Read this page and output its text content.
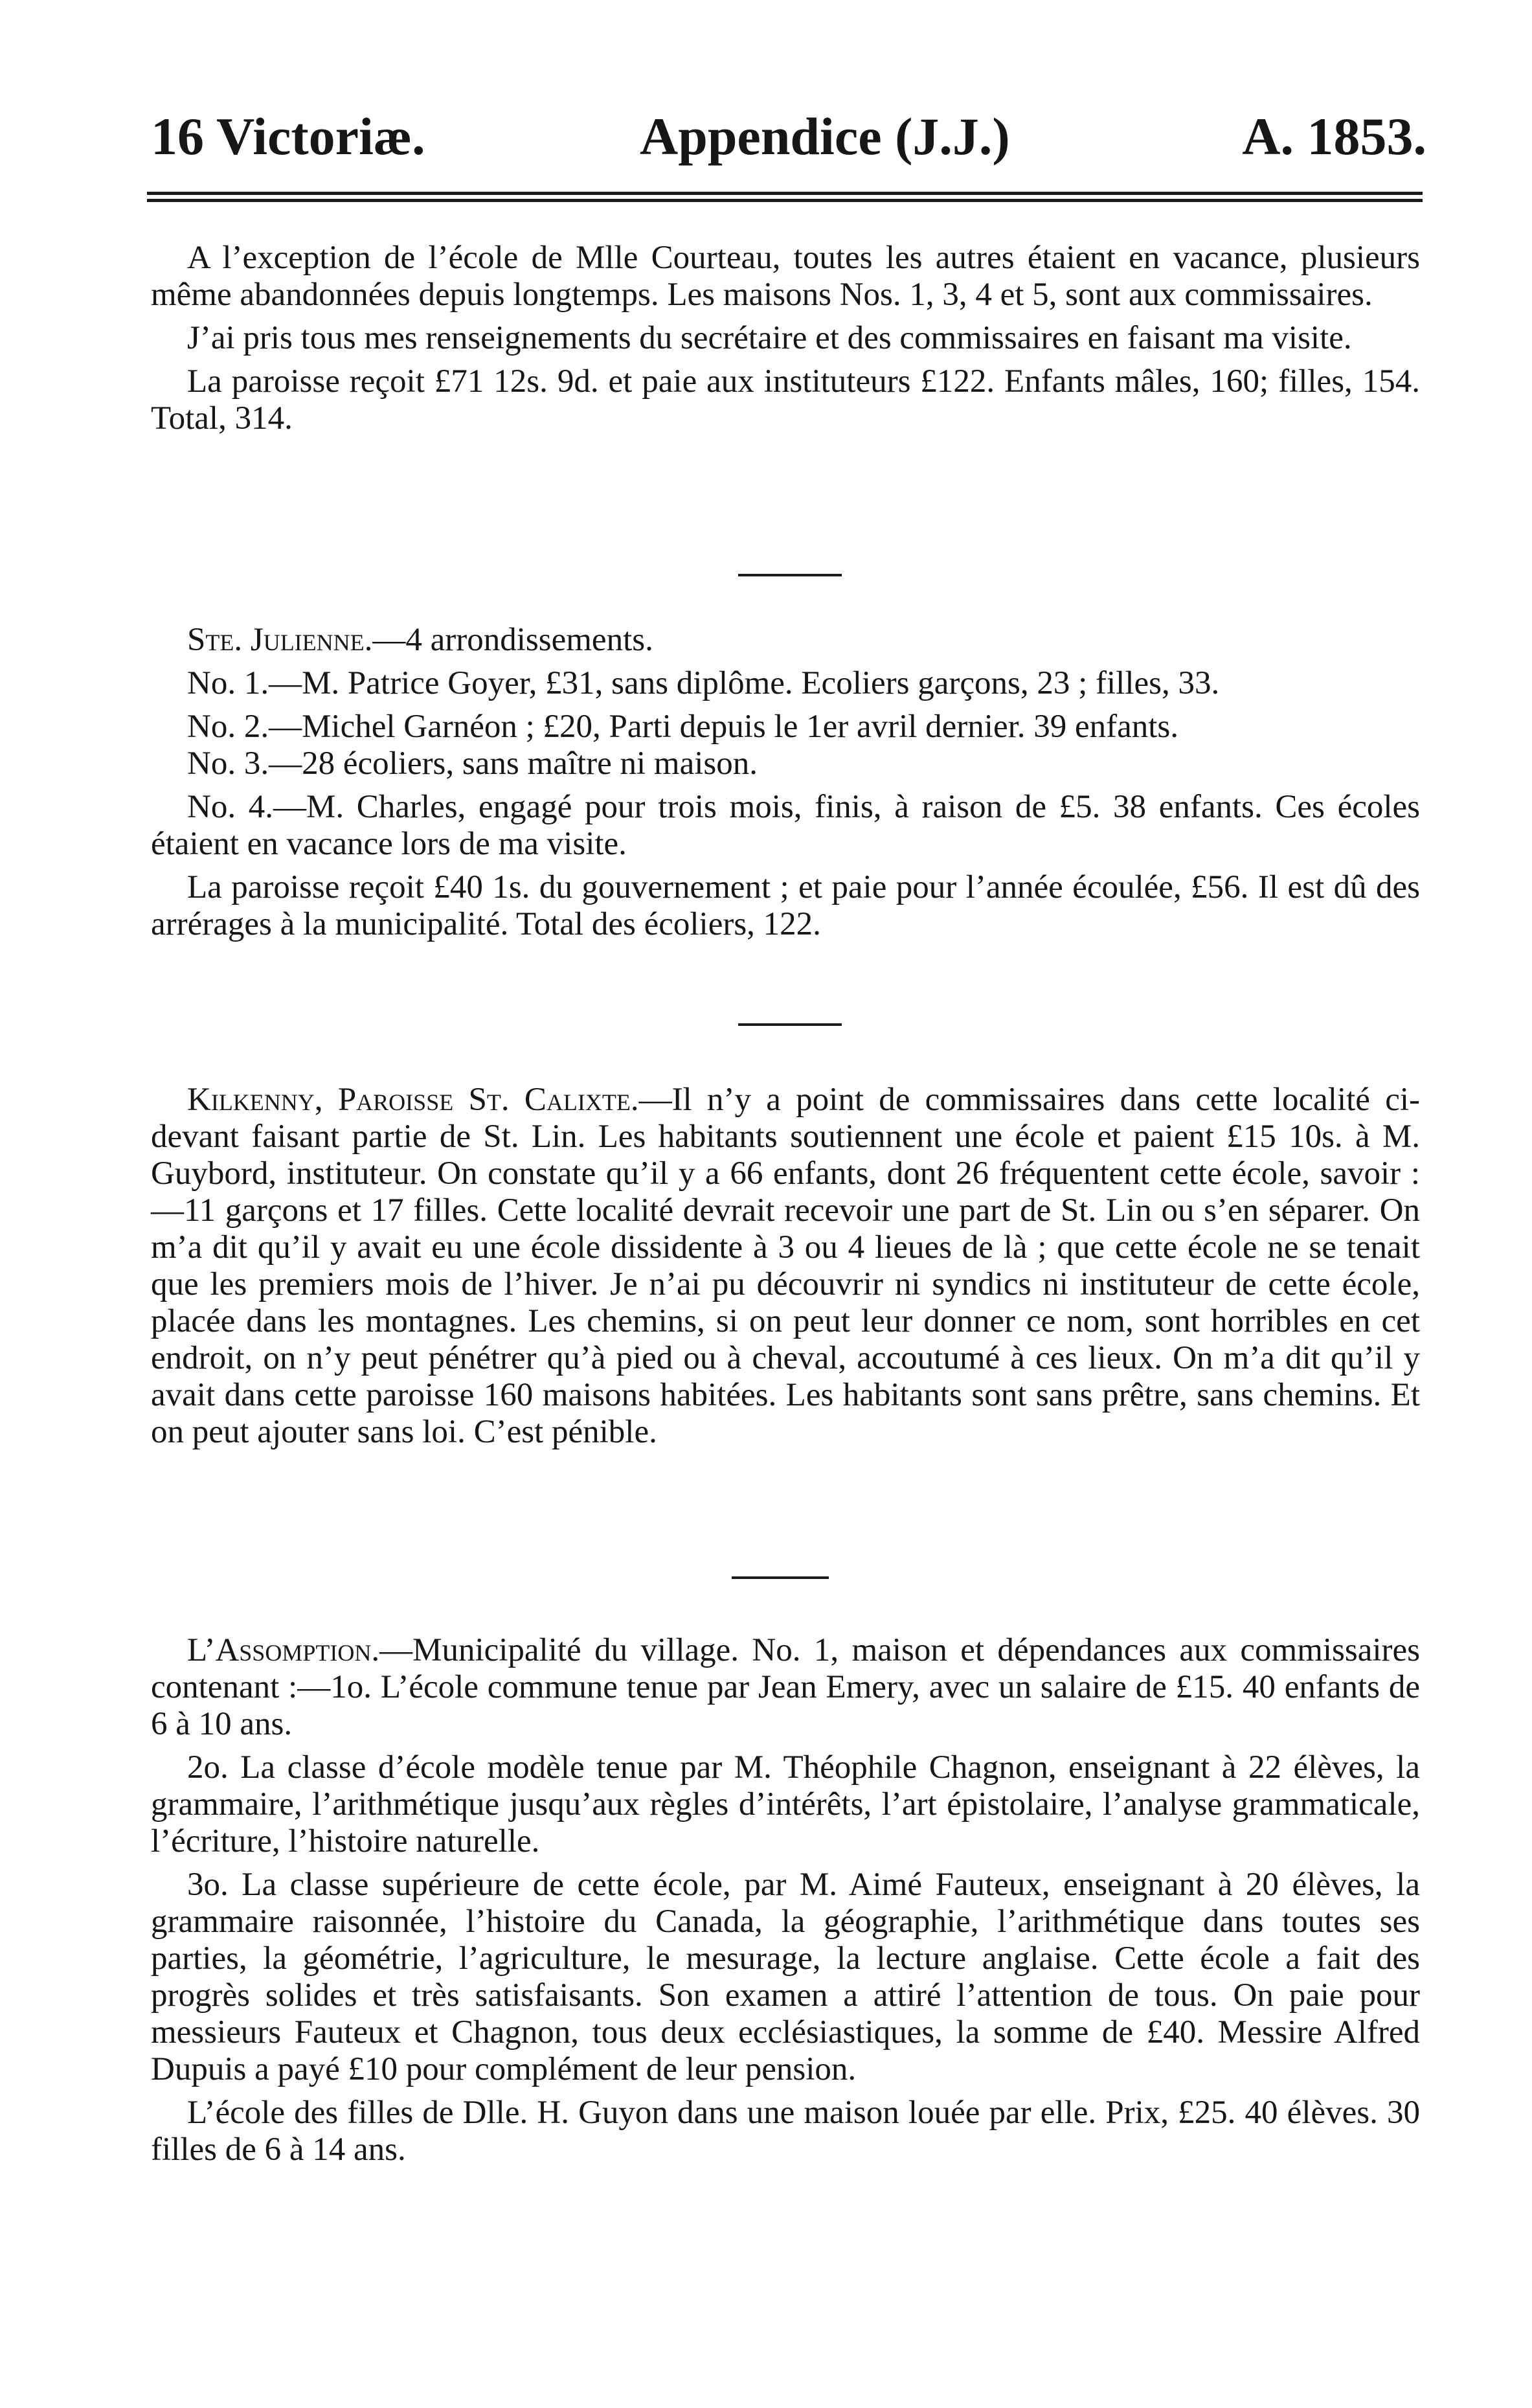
16 Victoriæ.	Appendice (J.J.)	A. 1853.

A l’exception de l’école de Mlle Courteau, toutes les autres étaient en vacance, plusieurs même abandonnées depuis longtemps. Les maisons Nos. 1, 3, 4 et 5, sont aux commissaires.

J’ai pris tous mes renseignements du secrétaire et des commissaires en faisant ma visite.

La paroisse reçoit £71 12s. 9d. et paie aux instituteurs £122. Enfants mâles, 160; filles, 154. Total, 314.

Ste. Julienne.—4 arrondissements.

No. 1.—M. Patrice Goyer, £31, sans diplôme. Ecoliers garçons, 23 ; filles, 33.

No. 2.—Michel Garnéon ; £20, Parti depuis le 1er avril dernier. 39 enfants.

No. 3.—28 écoliers, sans maître ni maison.

No. 4.—M. Charles, engagé pour trois mois, finis, à raison de £5. 38 enfants. Ces écoles étaient en vacance lors de ma visite.

La paroisse reçoit £40 1s. du gouvernement ; et paie pour l’année écoulée, £56. Il est dû des arrérages à la municipalité. Total des écoliers, 122.

Kilkenny, Paroisse St. Calixte.—Il n’y a point de commissaires dans cette localité ci-devant faisant partie de St. Lin. Les habitants soutiennent une école et paient £15 10s. à M. Guybord, instituteur. On constate qu’il y a 66 enfants, dont 26 fréquentent cette école, savoir :—11 garçons et 17 filles. Cette localité devrait recevoir une part de St. Lin ou s’en séparer. On m’a dit qu’il y avait eu une école dissidente à 3 ou 4 lieues de là ; que cette école ne se tenait que les premiers mois de l’hiver. Je n’ai pu découvrir ni syndics ni instituteur de cette école, placée dans les montagnes. Les chemins, si on peut leur donner ce nom, sont horribles en cet endroit, on n’y peut pénétrer qu’à pied ou à cheval, accoutumé à ces lieux. On m’a dit qu’il y avait dans cette paroisse 160 maisons habitées. Les habitants sont sans prêtre, sans chemins. Et on peut ajouter sans loi. C’est pénible.

L’Assomption.—Municipalité du village. No. 1, maison et dépendances aux commissaires contenant :—1o. L’école commune tenue par Jean Emery, avec un salaire de £15. 40 enfants de 6 à 10 ans.

2o. La classe d’école modèle tenue par M. Théophile Chagnon, enseignant à 22 élèves, la grammaire, l’arithmétique jusqu’aux règles d’intérêts, l’art épistolaire, l’analyse grammaticale, l’écriture, l’histoire naturelle.

3o. La classe supérieure de cette école, par M. Aimé Fauteux, enseignant à 20 élèves, la grammaire raisonnée, l’histoire du Canada, la géographie, l’arithmétique dans toutes ses parties, la géométrie, l’agriculture, le mesurage, la lecture anglaise. Cette école a fait des progrès solides et très satisfaisants. Son examen a attiré l’attention de tous. On paie pour messieurs Fauteux et Chagnon, tous deux ecclésiastiques, la somme de £40. Messire Alfred Dupuis a payé £10 pour complément de leur pension.

L’école des filles de Dlle. H. Guyon dans une maison louée par elle. Prix, £25. 40 élèves. 30 filles de 6 à 14 ans.
